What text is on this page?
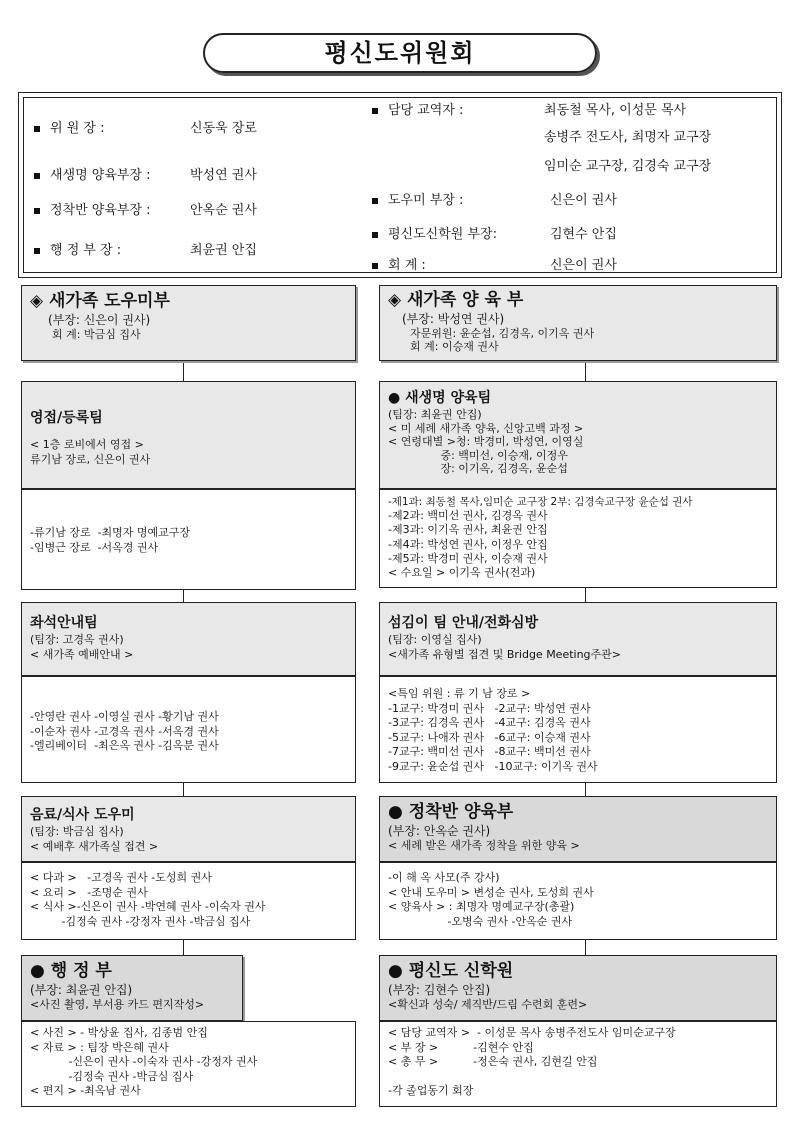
평신도위원회
위 원 장 :	신동욱 장로
새생명 양육부장 :	박성연 권사
정착반 양육부장 :	안옥순 권사
행 정 부 장 :	최윤권 안집
담당 교역자 :	최동철 목사, 이성문 목사
송병주 전도사, 최명자 교구장
임미순 교구장, 김경숙 교구장
도우미 부장 :	신은이 권사
평신도신학원 부장:	김현수 안집
회 계 :	신은이 권사
◈ 새가족 도우미부
(부장: 신은이 권사)
회 계: 박금심 집사
영접/등록팀
< 1층 로비에서 영접 >
류기남 장로, 신은이 권사
-류기남 장로  -최명자 명예교구장
-임병근 장로  -서옥경 권사
좌석안내팀
(팀장: 고경옥 권사)
< 새가족 예배안내 >
-안영란 권사 -이영실 권사 -황기남 권사
-이순자 권사 -고경옥 권사 -서옥경 권사
-엘리베이터  -최은옥 권사 -김옥분 권사
음료/식사 도우미
(팀장: 박금심 집사)
< 예배후 새가족실 접견 >
< 다과 >   -고경옥 권사 -도성희 권사
< 요리 >   -조명순 권사
< 식사 >-신은이 권사 -박연혜 권사 -이숙자 권사
-김정숙 권사 -강정자 권사 -박금심 집사
● 행 정 부
(부장: 최윤권 안집)
<사진 촬영, 부서용 카드 편지작성>
< 사진 > - 박상윤 집사, 김종범 안집
< 자료 > : 팀장 박은혜 권사
-신은이 권사 -이숙자 권사 -강정자 권사
-김정숙 권사 -박금심 집사
< 편지 > -최옥남 권사
◈ 새가족 양 육 부
(부장: 박성연 권사)
자문위원: 윤순섭, 김경옥, 이기옥 권사
회 계: 이승재 권사
● 새생명 양육팀
(팀장: 최윤권 안집)
< 미 세례 새가족 양육, 신앙고백 과정 >
< 연령대별 >청: 박경미, 박성연, 이영실
중: 백미선, 이승재, 이정우
장: 이기옥, 김경옥, 윤순섭
-제1과: 최동철 목사,임미순 교구장 2부: 김경숙교구장 윤순섭 권사
-제2과: 백미선 권사, 김경옥 권사
-제3과: 이기옥 권사, 최윤권 안집
-제4과: 박성연 권사, 이정우 안집
-제5과: 박경미 권사, 이승재 권사
< 수요일 > 이기옥 권사(전과)
섬김이 팀 안내/전화심방
(팀장: 이영실 집사)
<새가족 유형별 접견 및 Bridge Meeting주관>
<특임 위원 : 류 기 남 장로 >
-1교구: 박경미 권사   -2교구: 박성연 권사
-3교구: 김경옥 권사   -4교구: 김경옥 권사
-5교구: 나애자 권사   -6교구: 이승재 권사
-7교구: 백미선 권사   -8교구: 백미선 권사
-9교구: 윤순섭 권사   -10교구: 이기옥 권사
● 정착반 양육부
(부장: 안옥순 권사)
< 세례 받은 새가족 정착을 위한 양육 >
-이 해 옥 사모(주 강사)
< 안내 도우미 > 변성순 권사, 도성희 권사
< 양육사 > : 최명자 명예교구장(총괄)
-오병숙 권사 -안옥순 권사
● 평신도 신학원
(부장: 김현수 안집)
<확신과 성숙/ 제직반/드림 수련회 훈련>
< 담당 교역자 >  - 이성문 목사 송병주전도사 임미순교구장
< 부 장 >          -김현수 안집
< 총 무 >          -정은숙 권사, 김현길 안집
-각 졸업동기 회장
